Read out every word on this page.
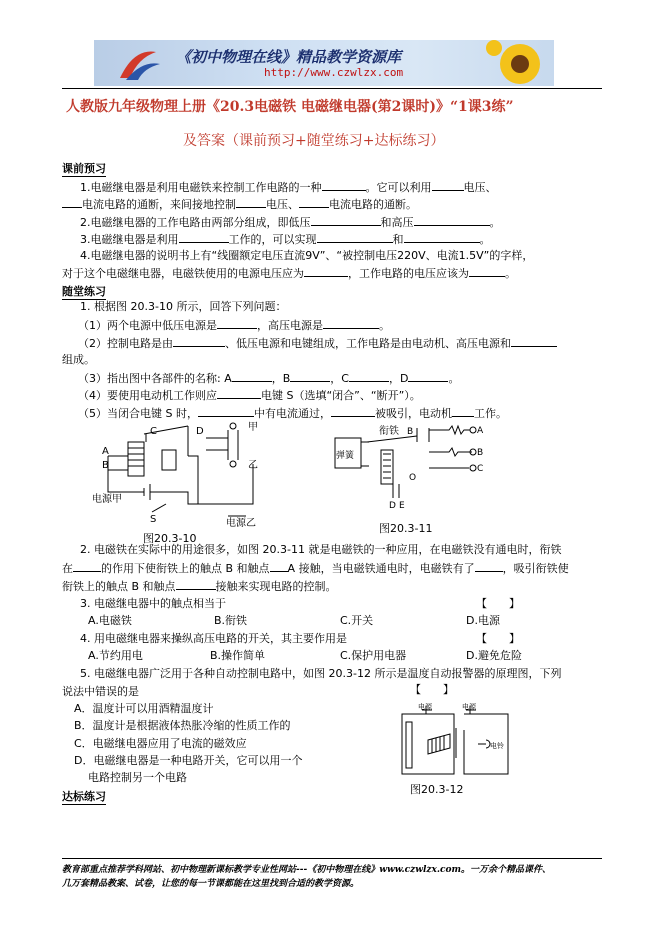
《初中物理在线》精品教学资源库
http://www.czwlzx.com
人教版九年级物理上册《20.3电磁铁 电磁继电器(第2课时)》“1课3练”
及答案（课前预习+随堂练习+达标练习）
课前预习
1.电磁继电器是利用电磁铁来控制工作电路的一种	。它可以利用	电压、
电流电路的通断，来间接地控制	电压、	电流电路的通断。
2.电磁继电器的工作电路由两部分组成，即低压	和高压	。
3.电磁继电器是利用	工作的，可以实现	和	。
4.电磁继电器的说明书上有“线圈额定电压直流9V”、“被控制电压220V、电流1.5V”的字样，
对于这个电磁继电器，电磁铁使用的电源电压应为	，工作电路的电压应该为	。
随堂练习
1. 根据图 20.3-10 所示，回答下列问题：
（1）两个电源中低压电源是	，高压电源是	。
（2）控制电路是由	、低压电源和电键组成，工作电路是由电动机、高压电源和
组成。
（3）指出图中各部件的名称: A	，B	，C	，D	。
（4）要使用电动机工作则应	电键 S（选填“闭合”、“断开”）。
（5）当闭合电键 S 时，	中有电流通过，	被吸引，电动机 工作。
A
B
C	D	甲
乙
电源甲
S	电源乙
图20.3-10
衔铁
弹簧
B	A
B
C
O
D E
图20.3-11
2. 电磁铁在实际中的用途很多，如图 20.3-11 就是电磁铁的一种应用，在电磁铁没有通电时，衔铁
在	的作用下使衔铁上的触点 B 和触点 A 接触，当电磁铁通电时，电磁铁有了	，吸引衔铁使
衔铁上的触点 B 和触点	接触来实现电路的控制。
3. 电磁继电器中的触点相当于	【　　】
A.电磁铁	B.衔铁	C.开关	D.电源
4. 用电磁继电器来操纵高压电路的开关，其主要作用是	【　　】
A.节约用电	B.操作简单	C.保护用电器	D.避免危险
5. 电磁继电器广泛用于各种自动控制电路中，如图 20.3-12 所示是温度自动报警器的原理图，下列
说法中错误的是	【　　】
A．温度计可以用酒精温度计
B．温度计是根据液体热胀冷缩的性质工作的
C．电磁继电器应用了电流的磁效应
D．电磁继电器是一种电路开关，它可以用一个
电路控制另一个电路
电源	电源
电铃
图20.3-12
达标练习
教育部重点推荐学科网站、初中物理新课标教学专业性网站---《初中物理在线》www.czwlzx.com。一万余个精品课件、
几万套精品教案、试卷，让您的每一节课都能在这里找到合适的教学资源。
